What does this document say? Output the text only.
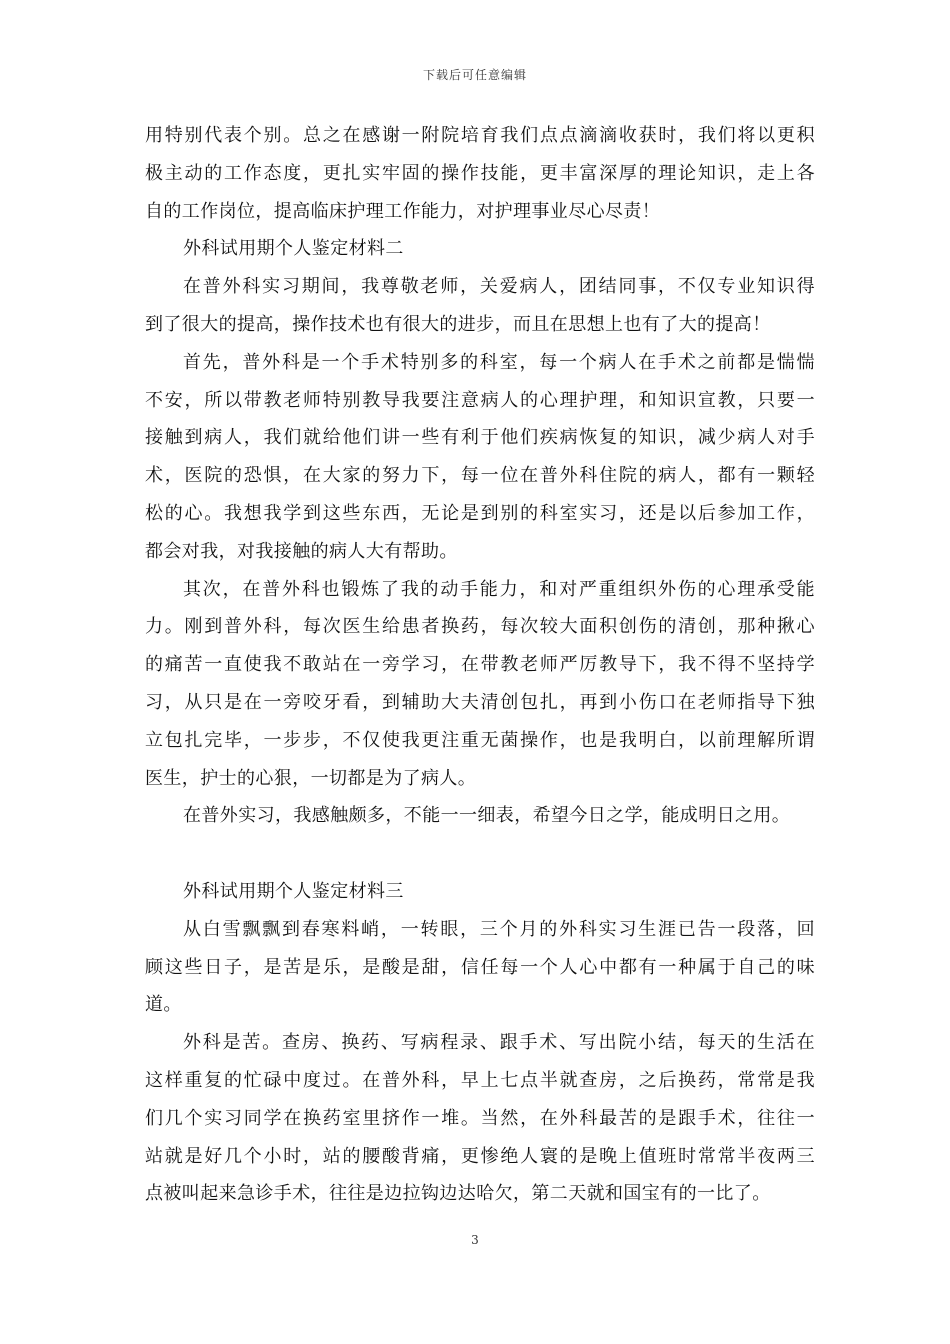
下载后可任意编辑
用特别代表个别。总之在感谢一附院培育我们点点滴滴收获时，我们将以更积
极主动的工作态度，更扎实牢固的操作技能，更丰富深厚的理论知识，走上各
自的工作岗位，提高临床护理工作能力，对护理事业尽心尽责！
外科试用期个人鉴定材料二
在普外科实习期间，我尊敬老师，关爱病人，团结同事，不仅专业知识得
到了很大的提高，操作技术也有很大的进步，而且在思想上也有了大的提高！
首先，普外科是一个手术特别多的科室，每一个病人在手术之前都是惴惴
不安，所以带教老师特别教导我要注意病人的心理护理，和知识宣教，只要一
接触到病人，我们就给他们讲一些有利于他们疾病恢复的知识，减少病人对手
术，医院的恐惧，在大家的努力下，每一位在普外科住院的病人，都有一颗轻
松的心。我想我学到这些东西，无论是到别的科室实习，还是以后参加工作，
都会对我，对我接触的病人大有帮助。
其次，在普外科也锻炼了我的动手能力，和对严重组织外伤的心理承受能
力。刚到普外科，每次医生给患者换药，每次较大面积创伤的清创，那种揪心
的痛苦一直使我不敢站在一旁学习，在带教老师严厉教导下，我不得不坚持学
习，从只是在一旁咬牙看，到辅助大夫清创包扎，再到小伤口在老师指导下独
立包扎完毕，一步步，不仅使我更注重无菌操作，也是我明白，以前理解所谓
医生，护士的心狠，一切都是为了病人。
在普外实习，我感触颇多，不能一一细表，希望今日之学，能成明日之用。
外科试用期个人鉴定材料三
从白雪飘飘到春寒料峭，一转眼，三个月的外科实习生涯已告一段落，回
顾这些日子，是苦是乐，是酸是甜，信任每一个人心中都有一种属于自己的味
道。
外科是苦。查房、换药、写病程录、跟手术、写出院小结，每天的生活在
这样重复的忙碌中度过。在普外科，早上七点半就查房，之后换药，常常是我
们几个实习同学在换药室里挤作一堆。当然，在外科最苦的是跟手术，往往一
站就是好几个小时，站的腰酸背痛，更惨绝人寰的是晚上值班时常常半夜两三
点被叫起来急诊手术，往往是边拉钩边达哈欠，第二天就和国宝有的一比了。
3
